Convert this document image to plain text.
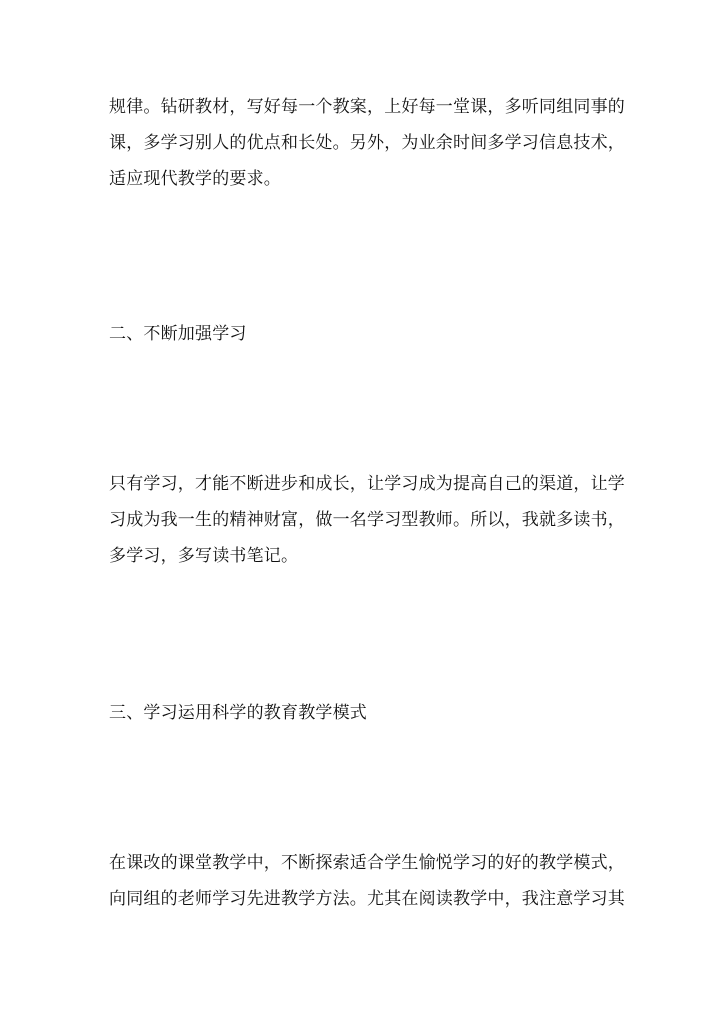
规律。钻研教材，写好每一个教案，上好每一堂课，多听同组同事的
课，多学习别人的优点和长处。另外，为业余时间多学习信息技术，
适应现代教学的要求。
二、不断加强学习
只有学习，才能不断进步和成长，让学习成为提高自己的渠道，让学
习成为我一生的精神财富，做一名学习型教师。所以，我就多读书，
多学习，多写读书笔记。
三、学习运用科学的教育教学模式
在课改的课堂教学中，不断探索适合学生愉悦学习的好的教学模式，
向同组的老师学习先进教学方法。尤其在阅读教学中，我注意学习其
